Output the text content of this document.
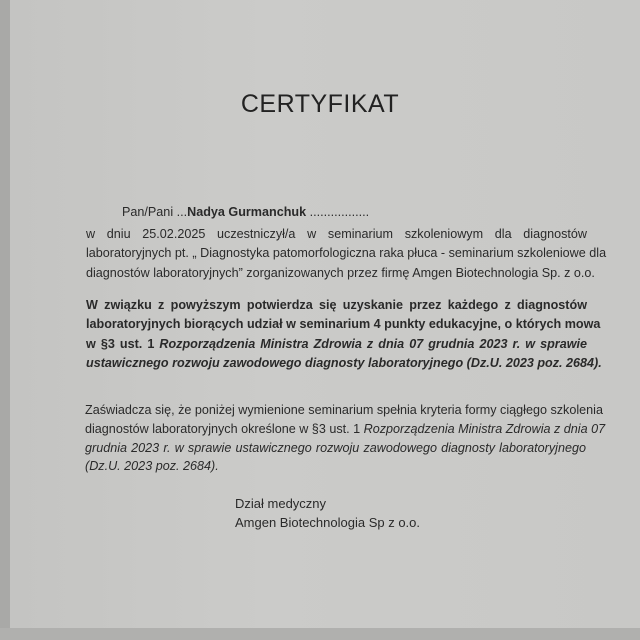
CERTYFIKAT
Pan/Pani ...Nadya Gurmanchuk .................
w dniu 25.02.2025 uczestniczył/a w seminarium szkoleniowym dla diagnostów
laboratoryjnych pt. „ Diagnostyka patomorfologiczna raka płuca - seminarium szkoleniowe dla
diagnostów laboratoryjnych” zorganizowanych przez firmę Amgen Biotechnologia Sp. z o.o.
W związku z powyższym potwierdza się uzyskanie przez każdego z diagnostów
laboratoryjnych biorących udział w seminarium 4 punkty edukacyjne, o których mowa
w §3 ust. 1 Rozporządzenia Ministra Zdrowia z dnia 07 grudnia 2023 r. w sprawie
ustawicznego rozwoju zawodowego diagnosty laboratoryjnego (Dz.U. 2023 poz. 2684).
Zaświadcza się, że poniżej wymienione seminarium spełnia kryteria formy ciągłego szkolenia
diagnostów laboratoryjnych określone w §3 ust. 1 Rozporządzenia Ministra Zdrowia z dnia 07
grudnia 2023 r. w sprawie ustawicznego rozwoju zawodowego diagnosty laboratoryjnego
(Dz.U. 2023 poz. 2684).
Dział medyczny
Amgen Biotechnologia Sp z o.o.
